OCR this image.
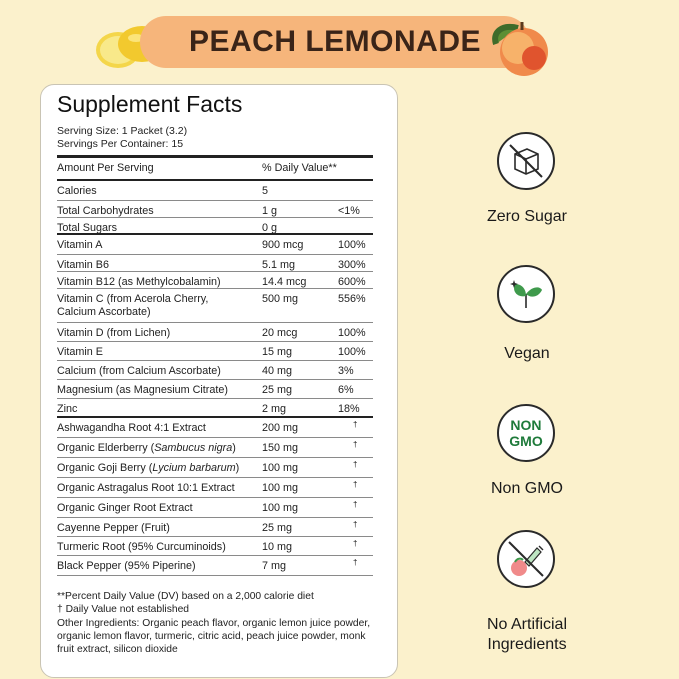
PEACH LEMONADE
Supplement Facts
Serving Size: 1 Packet (3.2)
Servings Per Container: 15
Amount Per Serving	% Daily Value**
Calories	5
Total Carbohydrates	1 g	<1%
Total Sugars	0 g
Vitamin A	900 mcg	100%
Vitamin B6	5.1 mg	300%
Vitamin B12 (as Methylcobalamin)	14.4 mcg	600%
Vitamin C (from Acerola Cherry,
Calcium Ascorbate)
500 mg	556%
Vitamin D (from Lichen)	20 mcg	100%
Vitamin E	15 mg	100%
Calcium (from Calcium Ascorbate)	40 mg	3%
Magnesium (as Magnesium Citrate)	25 mg	6%
Zinc	2 mg	18%
Ashwagandha Root 4:1 Extract	200 mg	†
Organic Elderberry (Sambucus nigra) 150 mg	†
Organic Goji Berry (Lycium barbarum) 100 mg	†
Organic Astragalus Root 10:1 Extract	100 mg	†
Organic Ginger Root Extract	100 mg	†
Cayenne Pepper (Fruit)	25 mg	†
Turmeric Root (95% Curcuminoids)	10 mg	†
Black Pepper (95% Piperine)	7 mg	†
**Percent Daily Value (DV) based on a 2,000 calorie diet
† Daily Value not established
Other Ingredients: Organic peach flavor, organic lemon juice powder, organic lemon flavor, turmeric, citric acid, peach juice powder, monk fruit extract, silicon dioxide
Zero Sugar
Vegan
NON
GMO
Non GMO
No Artificial
Ingredients
